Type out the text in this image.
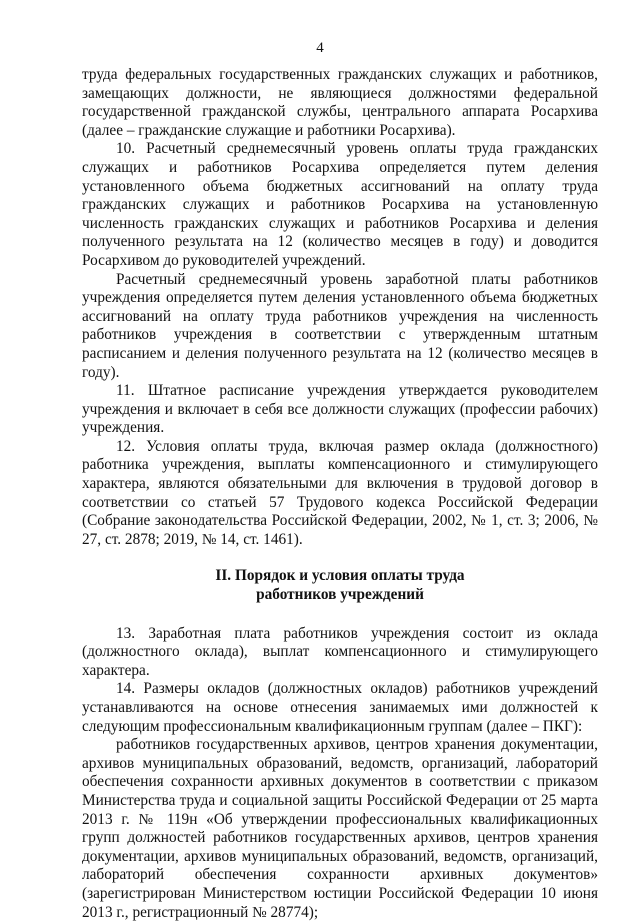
4

труда федеральных государственных гражданских служащих и работников, замещающих должности, не являющиеся должностями федеральной государственной гражданской службы, центрального аппарата Росархива (далее – гражданские служащие и работники Росархива).

10. Расчетный среднемесячный уровень оплаты труда гражданских служащих и работников Росархива определяется путем деления установленного объема бюджетных ассигнований на оплату труда гражданских служащих и работников Росархива на установленную численность гражданских служащих и работников Росархива и деления полученного результата на 12 (количество месяцев в году) и доводится Росархивом до руководителей учреждений.

Расчетный среднемесячный уровень заработной платы работников учреждения определяется путем деления установленного объема бюджетных ассигнований на оплату труда работников учреждения на численность работников учреждения в соответствии с утвержденным штатным расписанием и деления полученного результата на 12 (количество месяцев в году).

11. Штатное расписание учреждения утверждается руководителем учреждения и включает в себя все должности служащих (профессии рабочих) учреждения.

12. Условия оплаты труда, включая размер оклада (должностного) работника учреждения, выплаты компенсационного и стимулирующего характера, являются обязательными для включения в трудовой договор в соответствии со статьей 57 Трудового кодекса Российской Федерации (Собрание законодательства Российской Федерации, 2002, № 1, ст. 3; 2006, № 27, ст. 2878; 2019, № 14, ст. 1461).

II. Порядок и условия оплаты труда
работников учреждений

13. Заработная плата работников учреждения состоит из оклада (должностного оклада), выплат компенсационного и стимулирующего характера.

14. Размеры окладов (должностных окладов) работников учреждений устанавливаются на основе отнесения занимаемых ими должностей к следующим профессиональным квалификационным группам (далее – ПКГ):

работников государственных архивов, центров хранения документации, архивов муниципальных образований, ведомств, организаций, лабораторий обеспечения сохранности архивных документов в соответствии с приказом Министерства труда и социальной защиты Российской Федерации от 25 марта 2013 г. № 119н «Об утверждении профессиональных квалификационных групп должностей работников государственных архивов, центров хранения документации, архивов муниципальных образований, ведомств, организаций, лабораторий обеспечения сохранности архивных документов» (зарегистрирован Министерством юстиции Российской Федерации 10 июня 2013 г., регистрационный № 28774);
